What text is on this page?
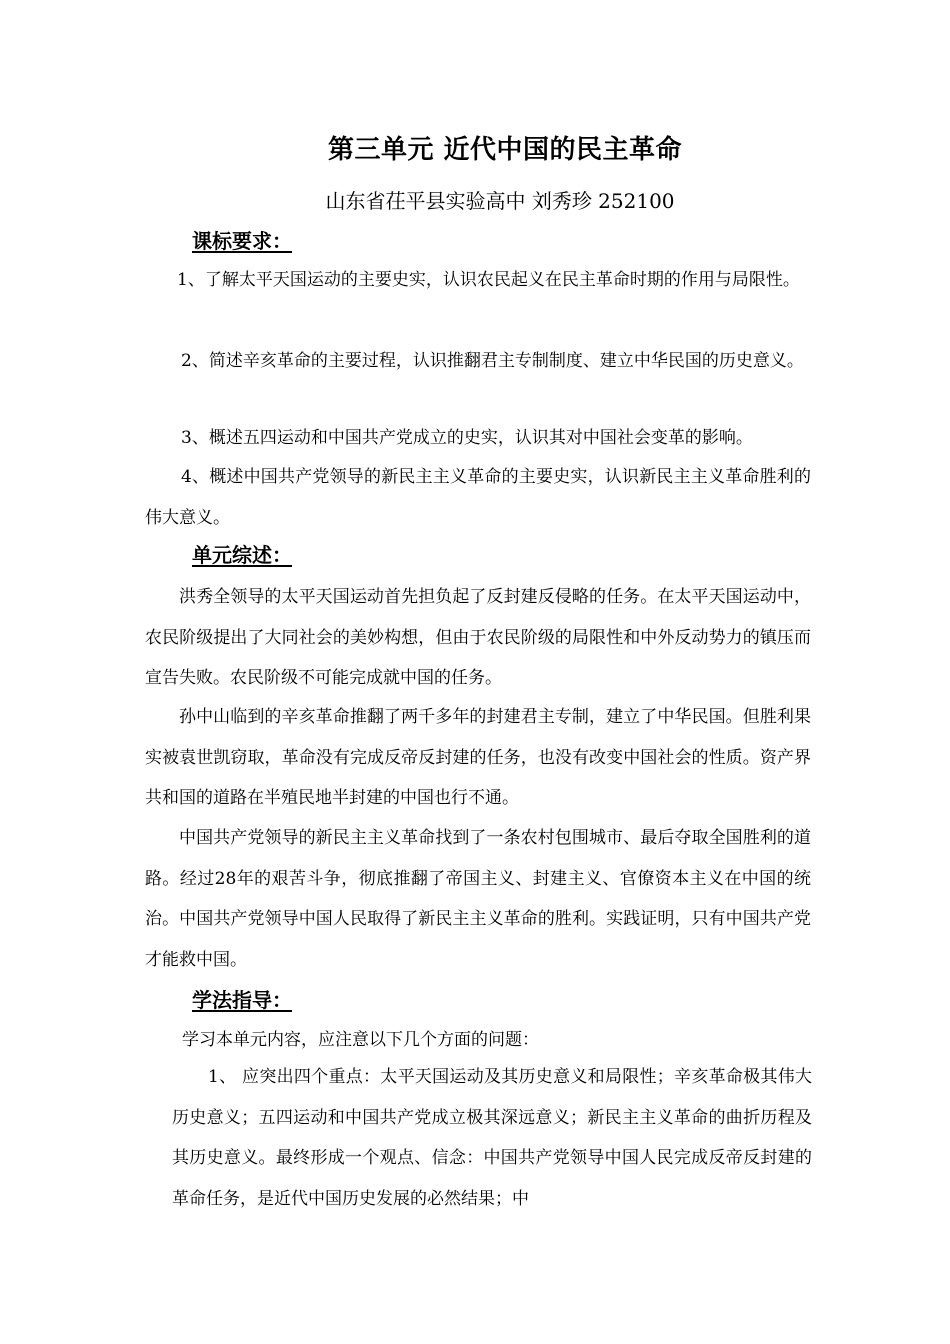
第三单元 近代中国的民主革命
山东省茌平县实验高中 刘秀珍 252100
课标要求：
1、了解太平天国运动的主要史实，认识农民起义在民主革命时期的作用与局限性。
2、简述辛亥革命的主要过程，认识推翻君主专制制度、建立中华民国的历史意义。
3、概述五四运动和中国共产党成立的史实，认识其对中国社会变革的影响。
4、概述中国共产党领导的新民主主义革命的主要史实，认识新民主主义革命胜利的伟大意义。
单元综述：
洪秀全领导的太平天国运动首先担负起了反封建反侵略的任务。在太平天国运动中，农民阶级提出了大同社会的美妙构想，但由于农民阶级的局限性和中外反动势力的镇压而宣告失败。农民阶级不可能完成就中国的任务。
孙中山临到的辛亥革命推翻了两千多年的封建君主专制，建立了中华民国。但胜利果实被袁世凯窃取，革命没有完成反帝反封建的任务，也没有改变中国社会的性质。资产界共和国的道路在半殖民地半封建的中国也行不通。
中国共产党领导的新民主主义革命找到了一条农村包围城市、最后夺取全国胜利的道路。经过28年的艰苦斗争，彻底推翻了帝国主义、封建主义、官僚资本主义在中国的统治。中国共产党领导中国人民取得了新民主主义革命的胜利。实践证明，只有中国共产党才能救中国。
学法指导：
学习本单元内容，应注意以下几个方面的问题：
1、 应突出四个重点：太平天国运动及其历史意义和局限性；辛亥革命极其伟大历史意义；五四运动和中国共产党成立极其深远意义；新民主主义革命的曲折历程及其历史意义。最终形成一个观点、信念：中国共产党领导中国人民完成反帝反封建的革命任务，是近代中国历史发展的必然结果；中
